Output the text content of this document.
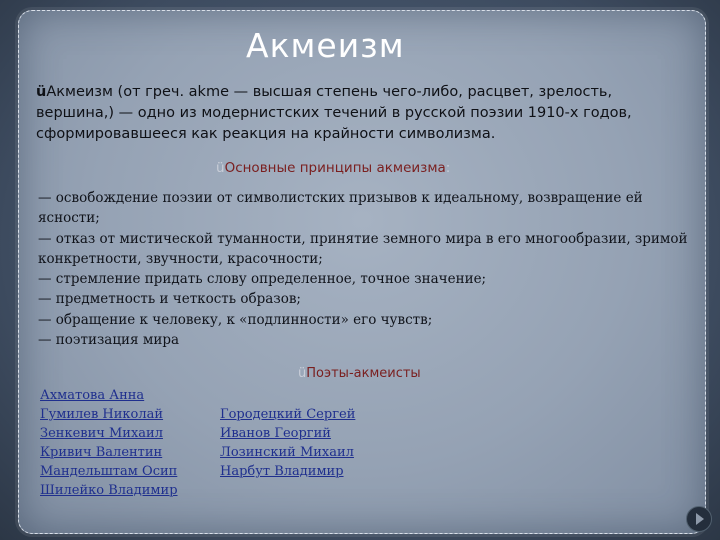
Акмеизм
üАкмеизм (от греч. akme — высшая степень чего-либо, расцвет, зрелость, вершина,) — одно из модернистских течений в русской поэзии 1910-х годов, сформировавшееся как реакция на крайности символизма.
üОсновные принципы акмеизма:
— освобождение поэзии от символистских призывов к идеальному, возвращение ей ясности;
— отказ от мистической туманности, принятие земного мира в его многообразии, зримой конкретности, звучности, красочности;
— стремление придать слову определенное, точное значение;
— предметность и четкость образов;
— обращение к человеку, к «подлинности» его чувств;
— поэтизация мира
üПоэты-акмеисты
Ахматова Анна
Гумилев Николай
Зенкевич Михаил
Кривич Валентин
Мандельштам Осип
Шилейко Владимир
Городецкий Сергей
Иванов Георгий
Лозинский Михаил
Нарбут Владимир
